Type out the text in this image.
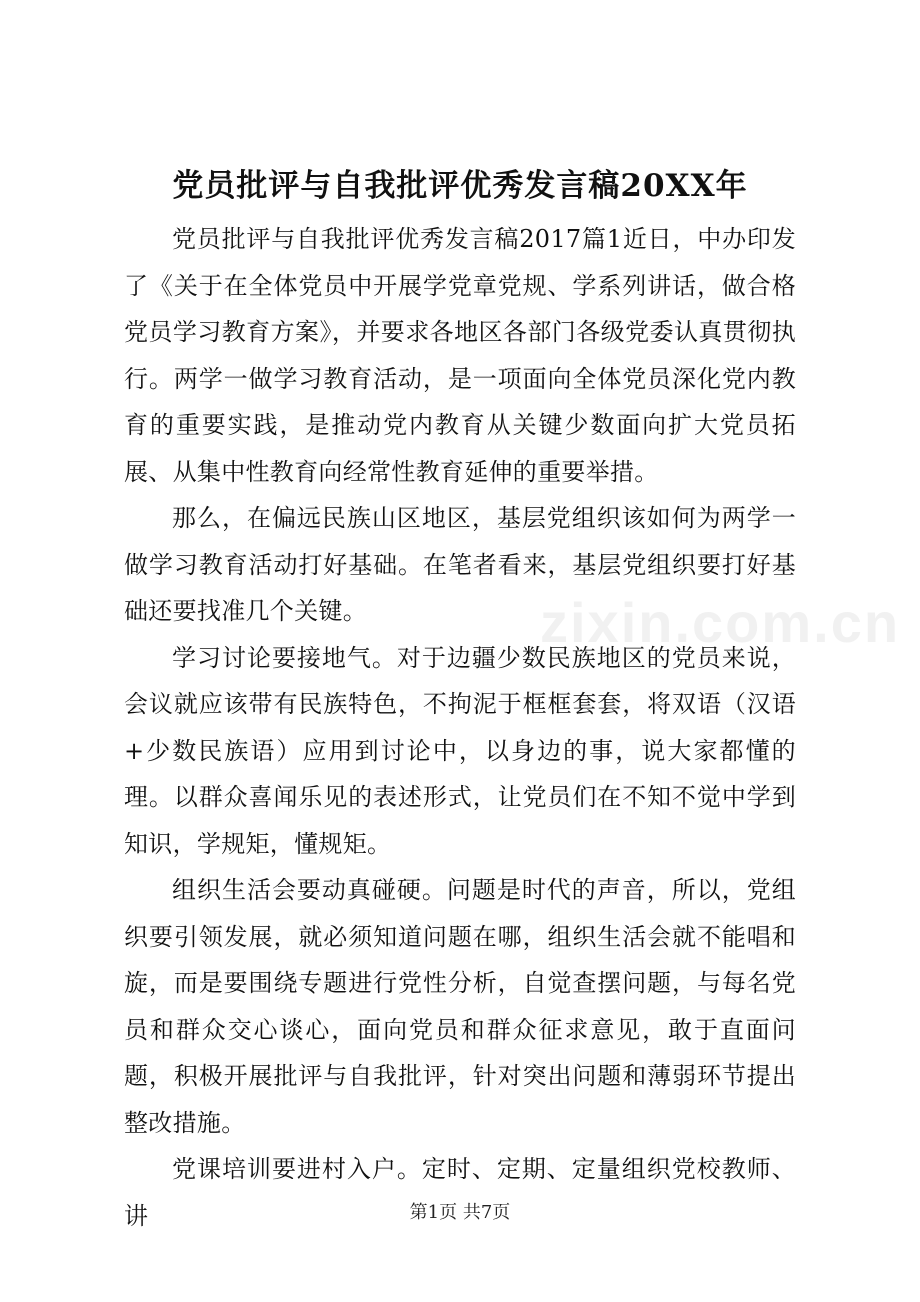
党员批评与自我批评优秀发言稿20XX年

党员批评与自我批评优秀发言稿2017篇1近日，中办印发了《关于在全体党员中开展学党章党规、学系列讲话，做合格党员学习教育方案》，并要求各地区各部门各级党委认真贯彻执行。两学一做学习教育活动，是一项面向全体党员深化党内教育的重要实践，是推动党内教育从关键少数面向扩大党员拓展、从集中性教育向经常性教育延伸的重要举措。

那么，在偏远民族山区地区，基层党组织该如何为两学一做学习教育活动打好基础。在笔者看来，基层党组织要打好基础还要找准几个关键。

学习讨论要接地气。对于边疆少数民族地区的党员来说，会议就应该带有民族特色，不拘泥于框框套套，将双语（汉语+少数民族语）应用到讨论中，以身边的事，说大家都懂的理。以群众喜闻乐见的表述形式，让党员们在不知不觉中学到知识，学规矩，懂规矩。

组织生活会要动真碰硬。问题是时代的声音，所以，党组织要引领发展，就必须知道问题在哪，组织生活会就不能唱和旋，而是要围绕专题进行党性分析，自觉查摆问题，与每名党员和群众交心谈心，面向党员和群众征求意见，敢于直面问题，积极开展批评与自我批评，针对突出问题和薄弱环节提出整改措施。

党课培训要进村入户。定时、定期、定量组织党校教师、讲

zixin.com.cn
第1页 共7页
